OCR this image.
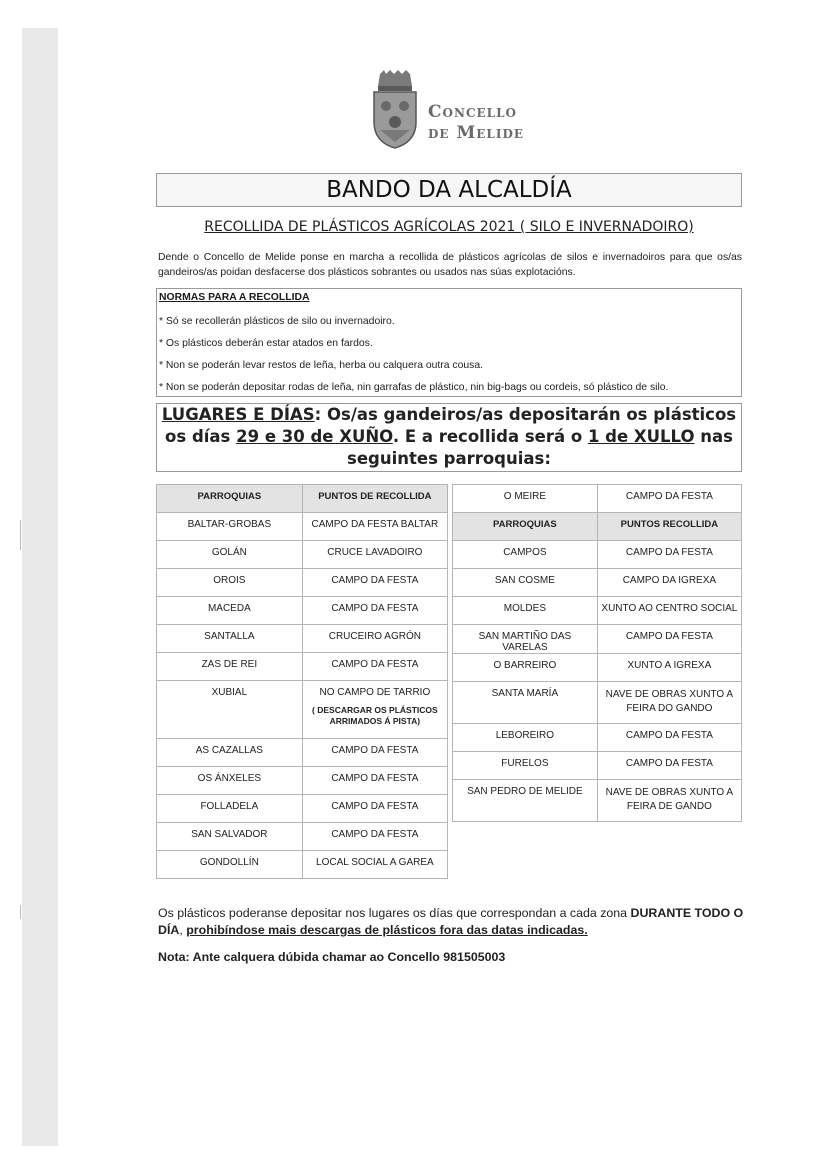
Concello
de Melide
BANDO DA ALCALDÍA
RECOLLIDA DE PLÁSTICOS AGRÍCOLAS 2021 ( SILO E INVERNADOIRO)
Dende o Concello de Melide ponse en marcha a recollida de plásticos agrícolas de silos e invernadoiros para que os/as gandeiros/as poidan desfacerse dos plásticos sobrantes ou usados nas súas explotacións.
NORMAS PARA A RECOLLIDA
* Só se recollerán plásticos de silo ou invernadoiro.
* Os plásticos deberán estar atados en fardos.
* Non se poderán levar restos de leña, herba ou calquera outra cousa.
* Non se poderán depositar rodas de leña, nin garrafas de plástico, nin big-bags ou cordeis, só plástico de silo.
LUGARES E DÍAS: Os/as gandeiros/as depositarán os plásticos os días 29 e 30 de XUÑO. E a recollida será o 1 de XULLO nas seguintes parroquias:
PARROQUIAS	PUNTOS DE RECOLLIDA
BALTAR-GROBAS	CAMPO DA FESTA BALTAR
GOLÁN	CRUCE LAVADOIRO
OROIS	CAMPO DA FESTA
MACEDA	CAMPO DA FESTA
SANTALLA	CRUCEIRO AGRÓN
ZAS DE REI	CAMPO DA FESTA
XUBIAL	NO CAMPO DE TARRIO
( DESCARGAR OS PLÁSTICOS ARRIMADOS Á PISTA)

AS CAZALLAS	CAMPO DA FESTA
OS ÁNXELES	CAMPO DA FESTA
FOLLADELA	CAMPO DA FESTA
SAN SALVADOR	CAMPO DA FESTA
GONDOLLÍN	LOCAL SOCIAL A GAREA
O MEIRE	CAMPO DA FESTA
PARROQUIAS	PUNTOS RECOLLIDA
CAMPOS	CAMPO DA FESTA
SAN COSME	CAMPO DA IGREXA
MOLDES	XUNTO AO CENTRO SOCIAL
SAN MARTIÑO DAS VARELAS	CAMPO DA FESTA
O BARREIRO	XUNTO A IGREXA
SANTA MARÍA	NAVE DE OBRAS XUNTO A FEIRA DO GANDO
LEBOREIRO	CAMPO DA FESTA
FURELOS	CAMPO DA FESTA
SAN PEDRO DE MELIDE	NAVE DE OBRAS XUNTO A FEIRA DE GANDO
Os plásticos poderanse depositar nos lugares os días que correspondan a cada zona DURANTE TODO O DÍA, prohibíndose mais descargas de plásticos fora das datas indicadas.
Nota: Ante calquera dúbida chamar ao Concello 981505003
